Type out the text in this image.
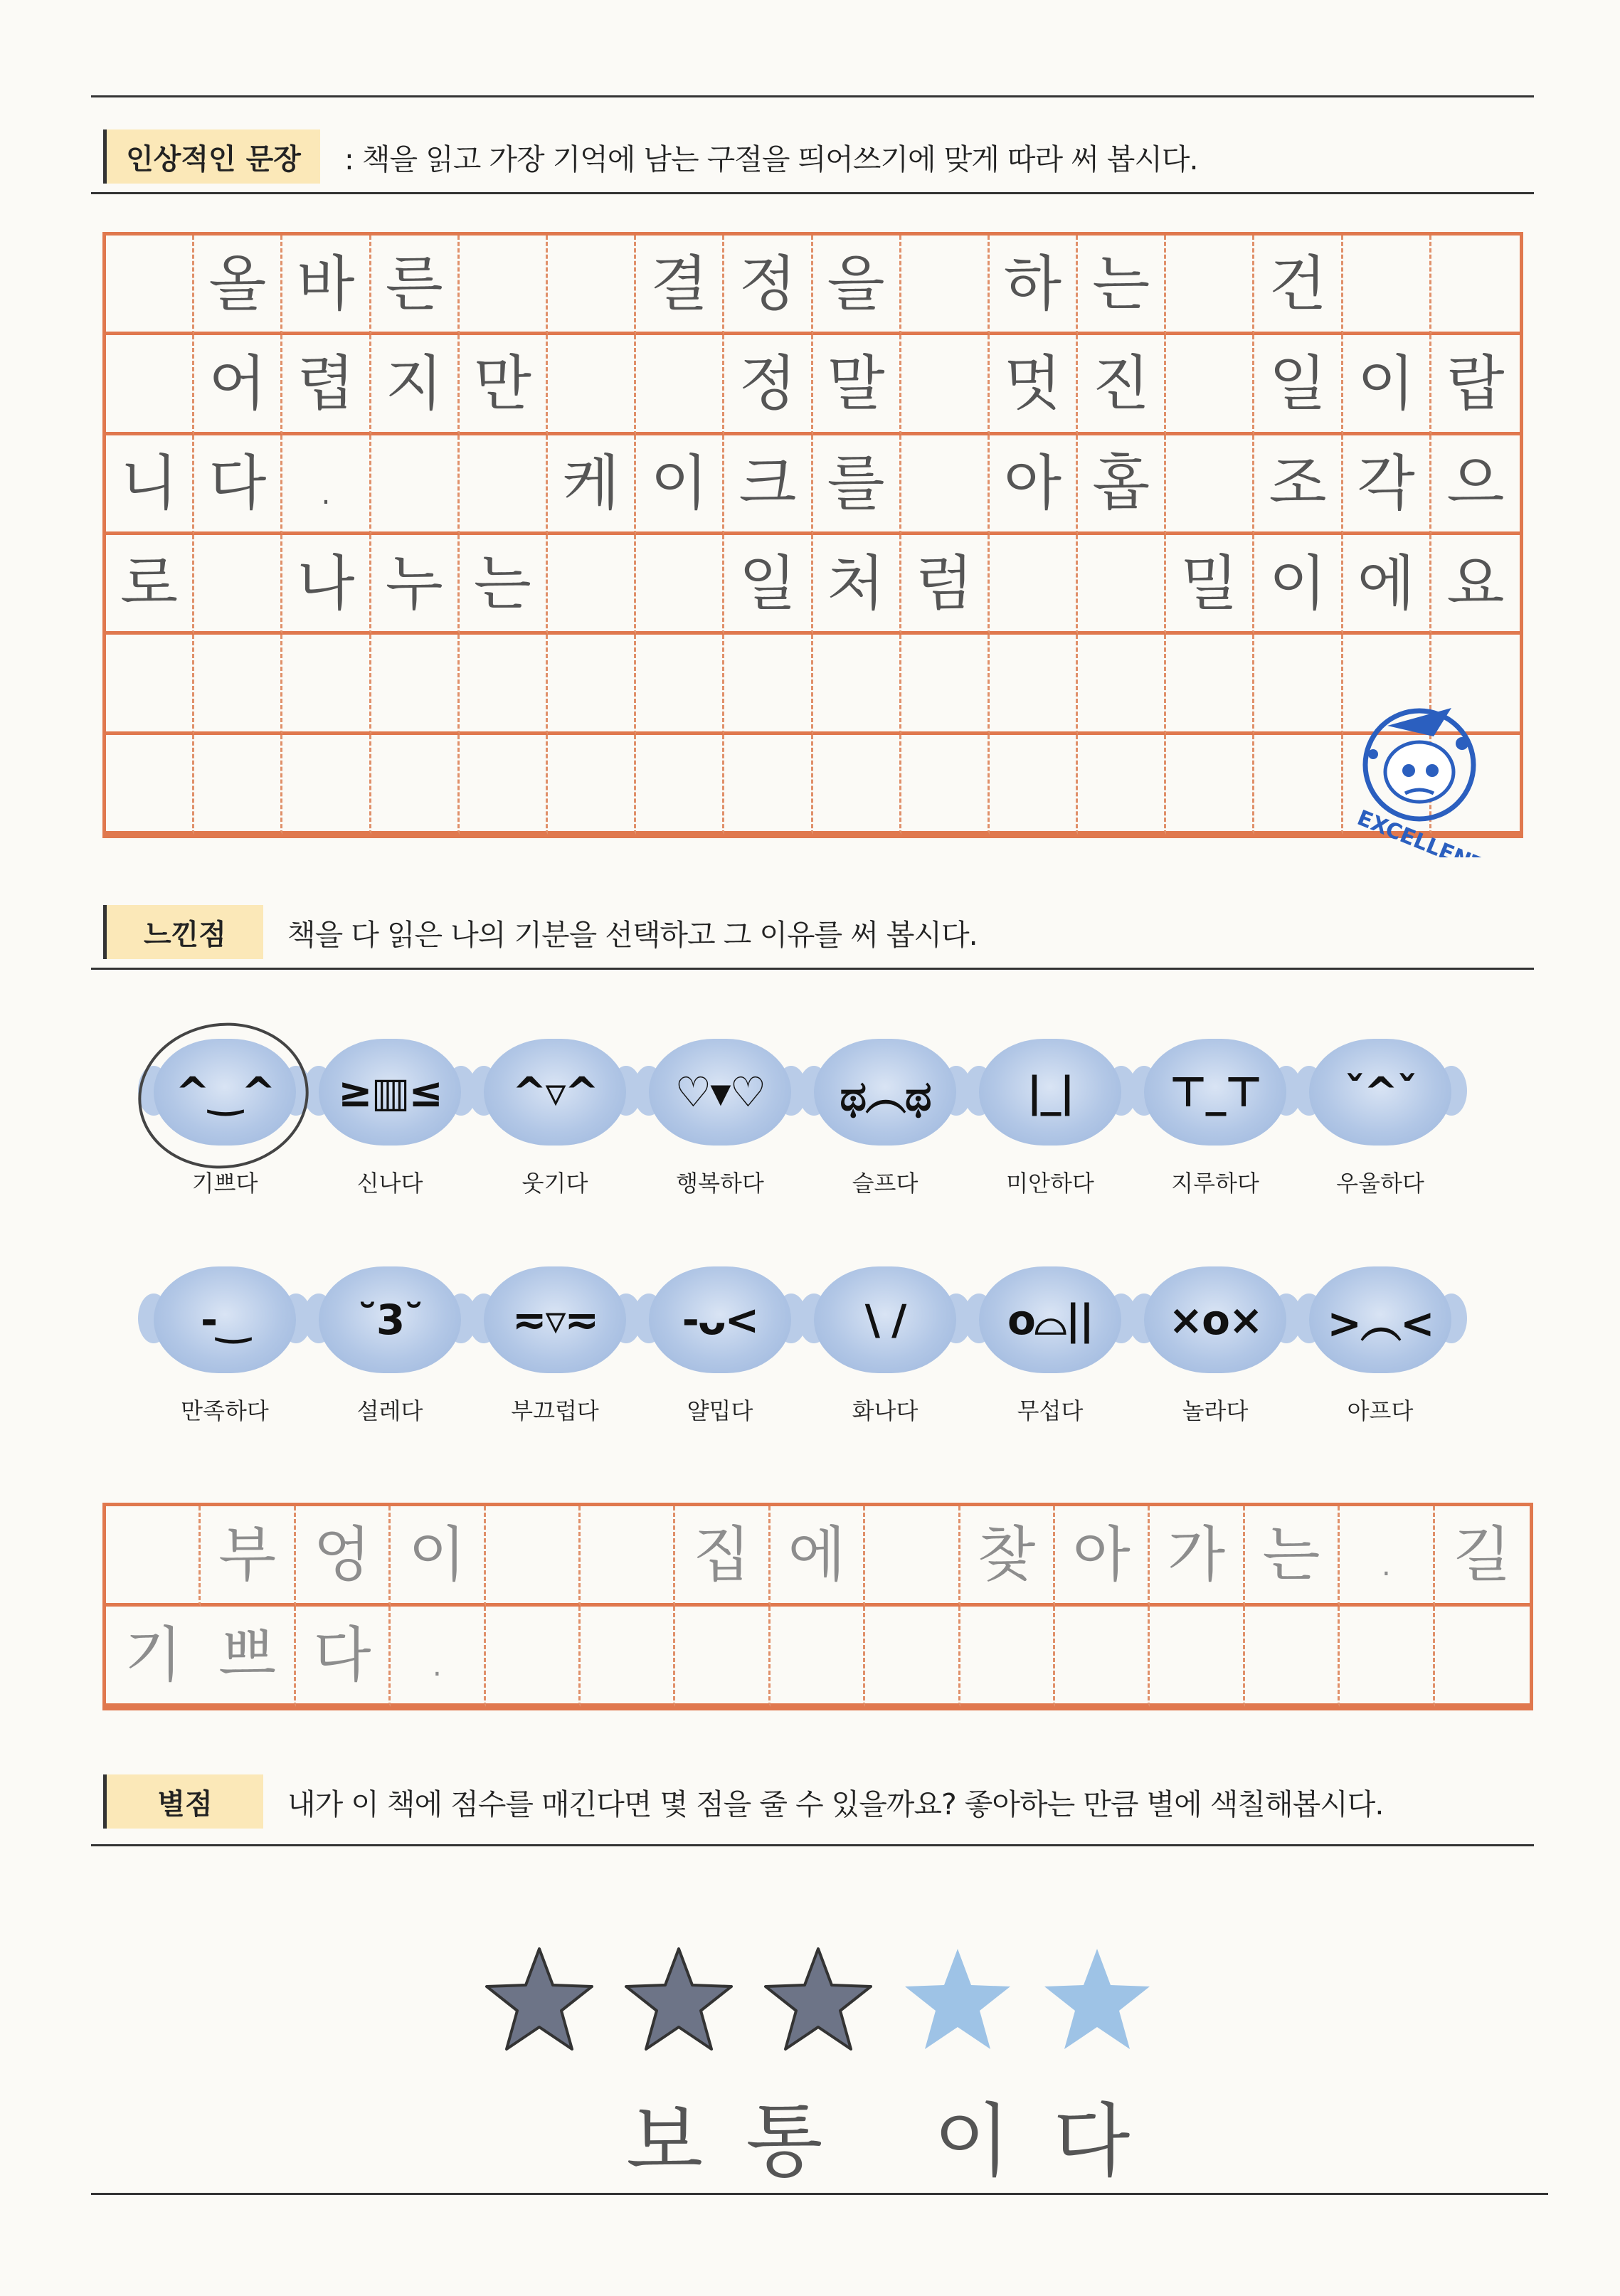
인상적인 문장	: 책을 읽고 가장 기억에 남는 구절을 띄어쓰기에 맞게 따라 써 봅시다.
올 바 른	결 정 을 하 는 건
어 렵 지 만	정 말 멋 진 일 이 랍
니 다 .	케 이 크 를 아 홉 조 각 으
로 나 누 는	일 처 럼	밀 이 에 요
EXCELLENT!!
느낀점	책을 다 읽은 나의 기분을 선택하고 그 이유를 써 봅시다.
^‿^
기쁘다
≥▥≤
신나다
^▿^
웃기다
♡▾♡
행복하다
ಥ︵ಥ
슬프다
|_|
미안하다
⊤_⊤
지루하다
ˇ^ˇ
우울하다
-‿
만족하다
˘3˘
설레다
≂▿≂
부끄럽다
-ᴗ<
얄밉다
\ /
화나다
o⌓||
무섭다
×o×
놀라다
>︵<
아프다
부 엉 이	집 에	찾 아 가 는 . 길
기 쁘 다 .
별점	내가 이 책에 점수를 매긴다면 몇 점을 줄 수 있을까요? 좋아하는 만큼 별에 색칠해봅시다.
보통 이다
